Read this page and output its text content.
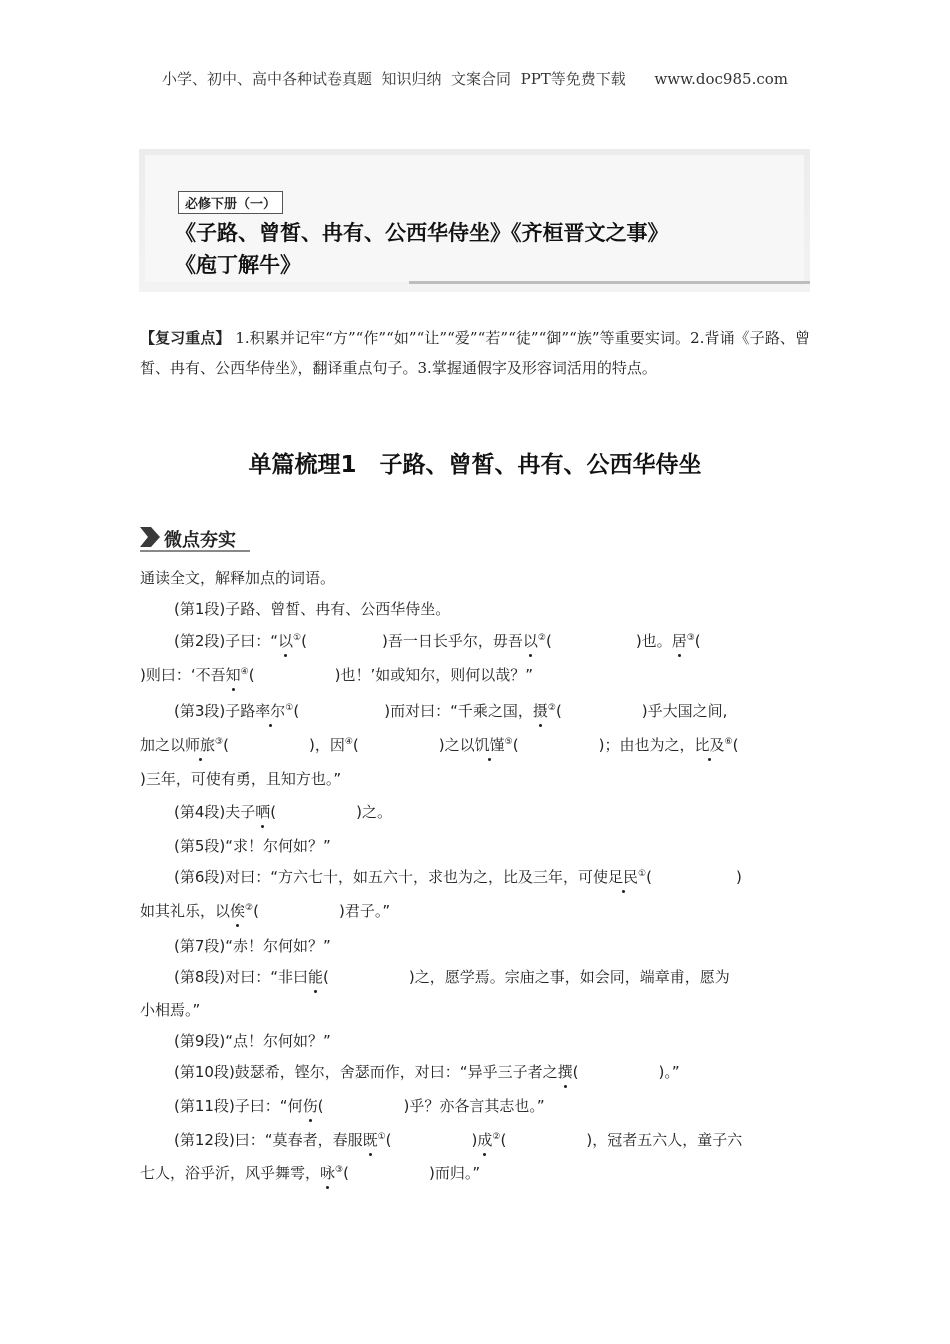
小学、初中、高中各种试卷真题  知识归纳  文案合同  PPT等免费下载      www.doc985.com
必修下册（一）
《子路、曾皙、冉有、公西华侍坐》《齐桓晋文之事》
《庖丁解牛》
【复习重点】 1.积累并记牢“方”“作”“如”“让”“爱”“若”“徒”“御”“族”等重要实词。2.背诵《子路、曾皙、冉有、公西华侍坐》，翻译重点句子。3.掌握通假字及形容词活用的特点。
单篇梳理1　子路、曾皙、冉有、公西华侍坐
微点夯实
通读全文，解释加点的词语。
(第1段)子路、曾皙、冉有、公西华侍坐。
(第2段)子曰：“以①(	)吾一日长乎尔，毋吾以②(	)也。居③(
)则曰：‘不吾知④(	)也！’如或知尔，则何以哉？”
(第3段)子路率尔①(	)而对曰：“千乘之国，摄②(	)乎大国之间,
加之以师旅③(	)，因④(	)之以饥馑⑤(	)；由也为之，比及⑥(
)三年，可使有勇，且知方也。”
(第4段)夫子哂(	)之。
(第5段)“求！尔何如？”
(第6段)对曰：“方六七十，如五六十，求也为之，比及三年，可使足民①(	)
如其礼乐，以俟②(	)君子。”
(第7段)“赤！尔何如？”
(第8段)对曰：“非曰能(	)之，愿学焉。宗庙之事，如会同，端章甫，愿为
小相焉。”
(第9段)“点！尔何如？”
(第10段)鼓瑟希，铿尔，舍瑟而作，对曰：“异乎三子者之撰(	)。”
(第11段)子曰：“何伤(	)乎？亦各言其志也。”
(第12段)曰：“莫春者，春服既①(	)成②(	)，冠者五六人，童子六
七人，浴乎沂，风乎舞雩，咏③(	)而归。”
